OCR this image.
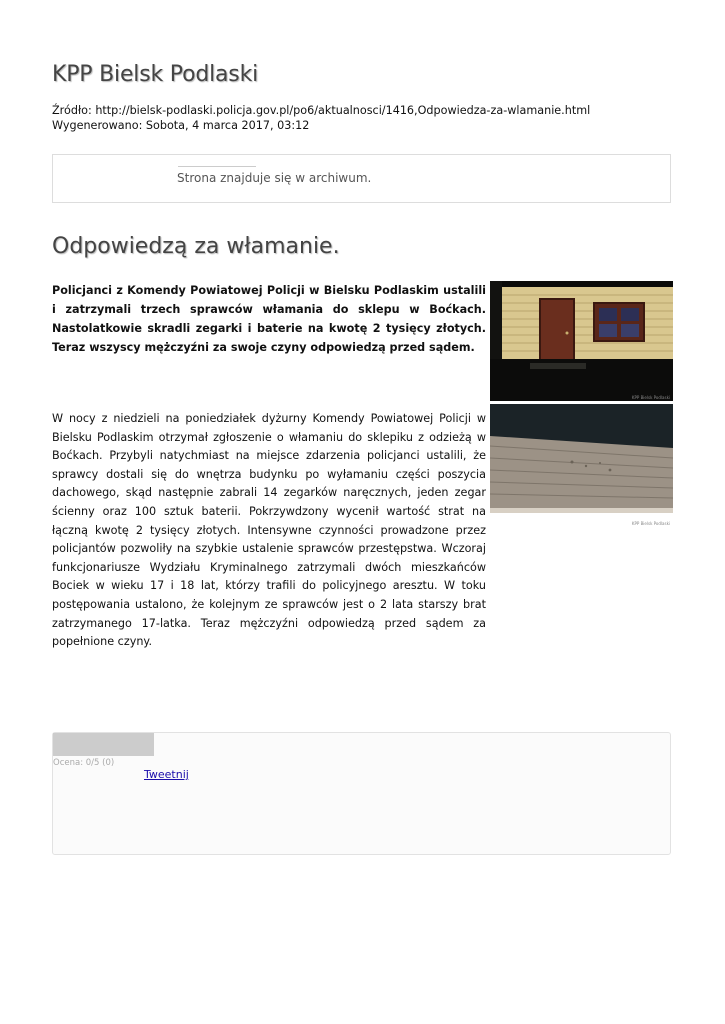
KPP Bielsk Podlaski
Źródło: http://bielsk-podlaski.policja.gov.pl/po6/aktualnosci/1416,Odpowiedza-za-wlamanie.html
Wygenerowano: Sobota, 4 marca 2017, 03:12
Strona znajduje się w archiwum.
Odpowiedzą za włamanie.

Policjanci z Komendy Powiatowej Policji w Bielsku Podlaskim ustalili i zatrzymali trzech sprawców włamania do sklepu w Boćkach. Nastolatkowie skradli zegarki i baterie na kwotę 2 tysięcy złotych. Teraz wszyscy mężczyźni za swoje czyny odpowiedzą przed sądem.

KPP Bielsk Podlaski
KPP Bielsk Podlaski

W nocy z niedzieli na poniedziałek dyżurny Komendy Powiatowej Policji w Bielsku Podlaskim otrzymał zgłoszenie o włamaniu do sklepiku z odzieżą w Boćkach. Przybyli natychmiast na miejsce zdarzenia policjanci ustalili, że sprawcy dostali się do wnętrza budynku po wyłamaniu części poszycia dachowego, skąd następnie zabrali 14 zegarków naręcznych, jeden zegar ścienny oraz 100 sztuk baterii. Pokrzywdzony wycenił wartość strat na łączną kwotę 2 tysięcy złotych. Intensywne czynności prowadzone przez policjantów pozwoliły na szybkie ustalenie sprawców przestępstwa. Wczoraj funkcjonariusze Wydziału Kryminalnego zatrzymali dwóch mieszkańców Bociek w wieku 17 i 18 lat, którzy trafili do policyjnego aresztu. W toku postępowania ustalono, że kolejnym ze sprawców jest o 2 lata starszy brat zatrzymanego 17-latka. Teraz mężczyźni odpowiedzą przed sądem za popełnione czyny.

Ocena: 0/5 (0)
Tweetnij
